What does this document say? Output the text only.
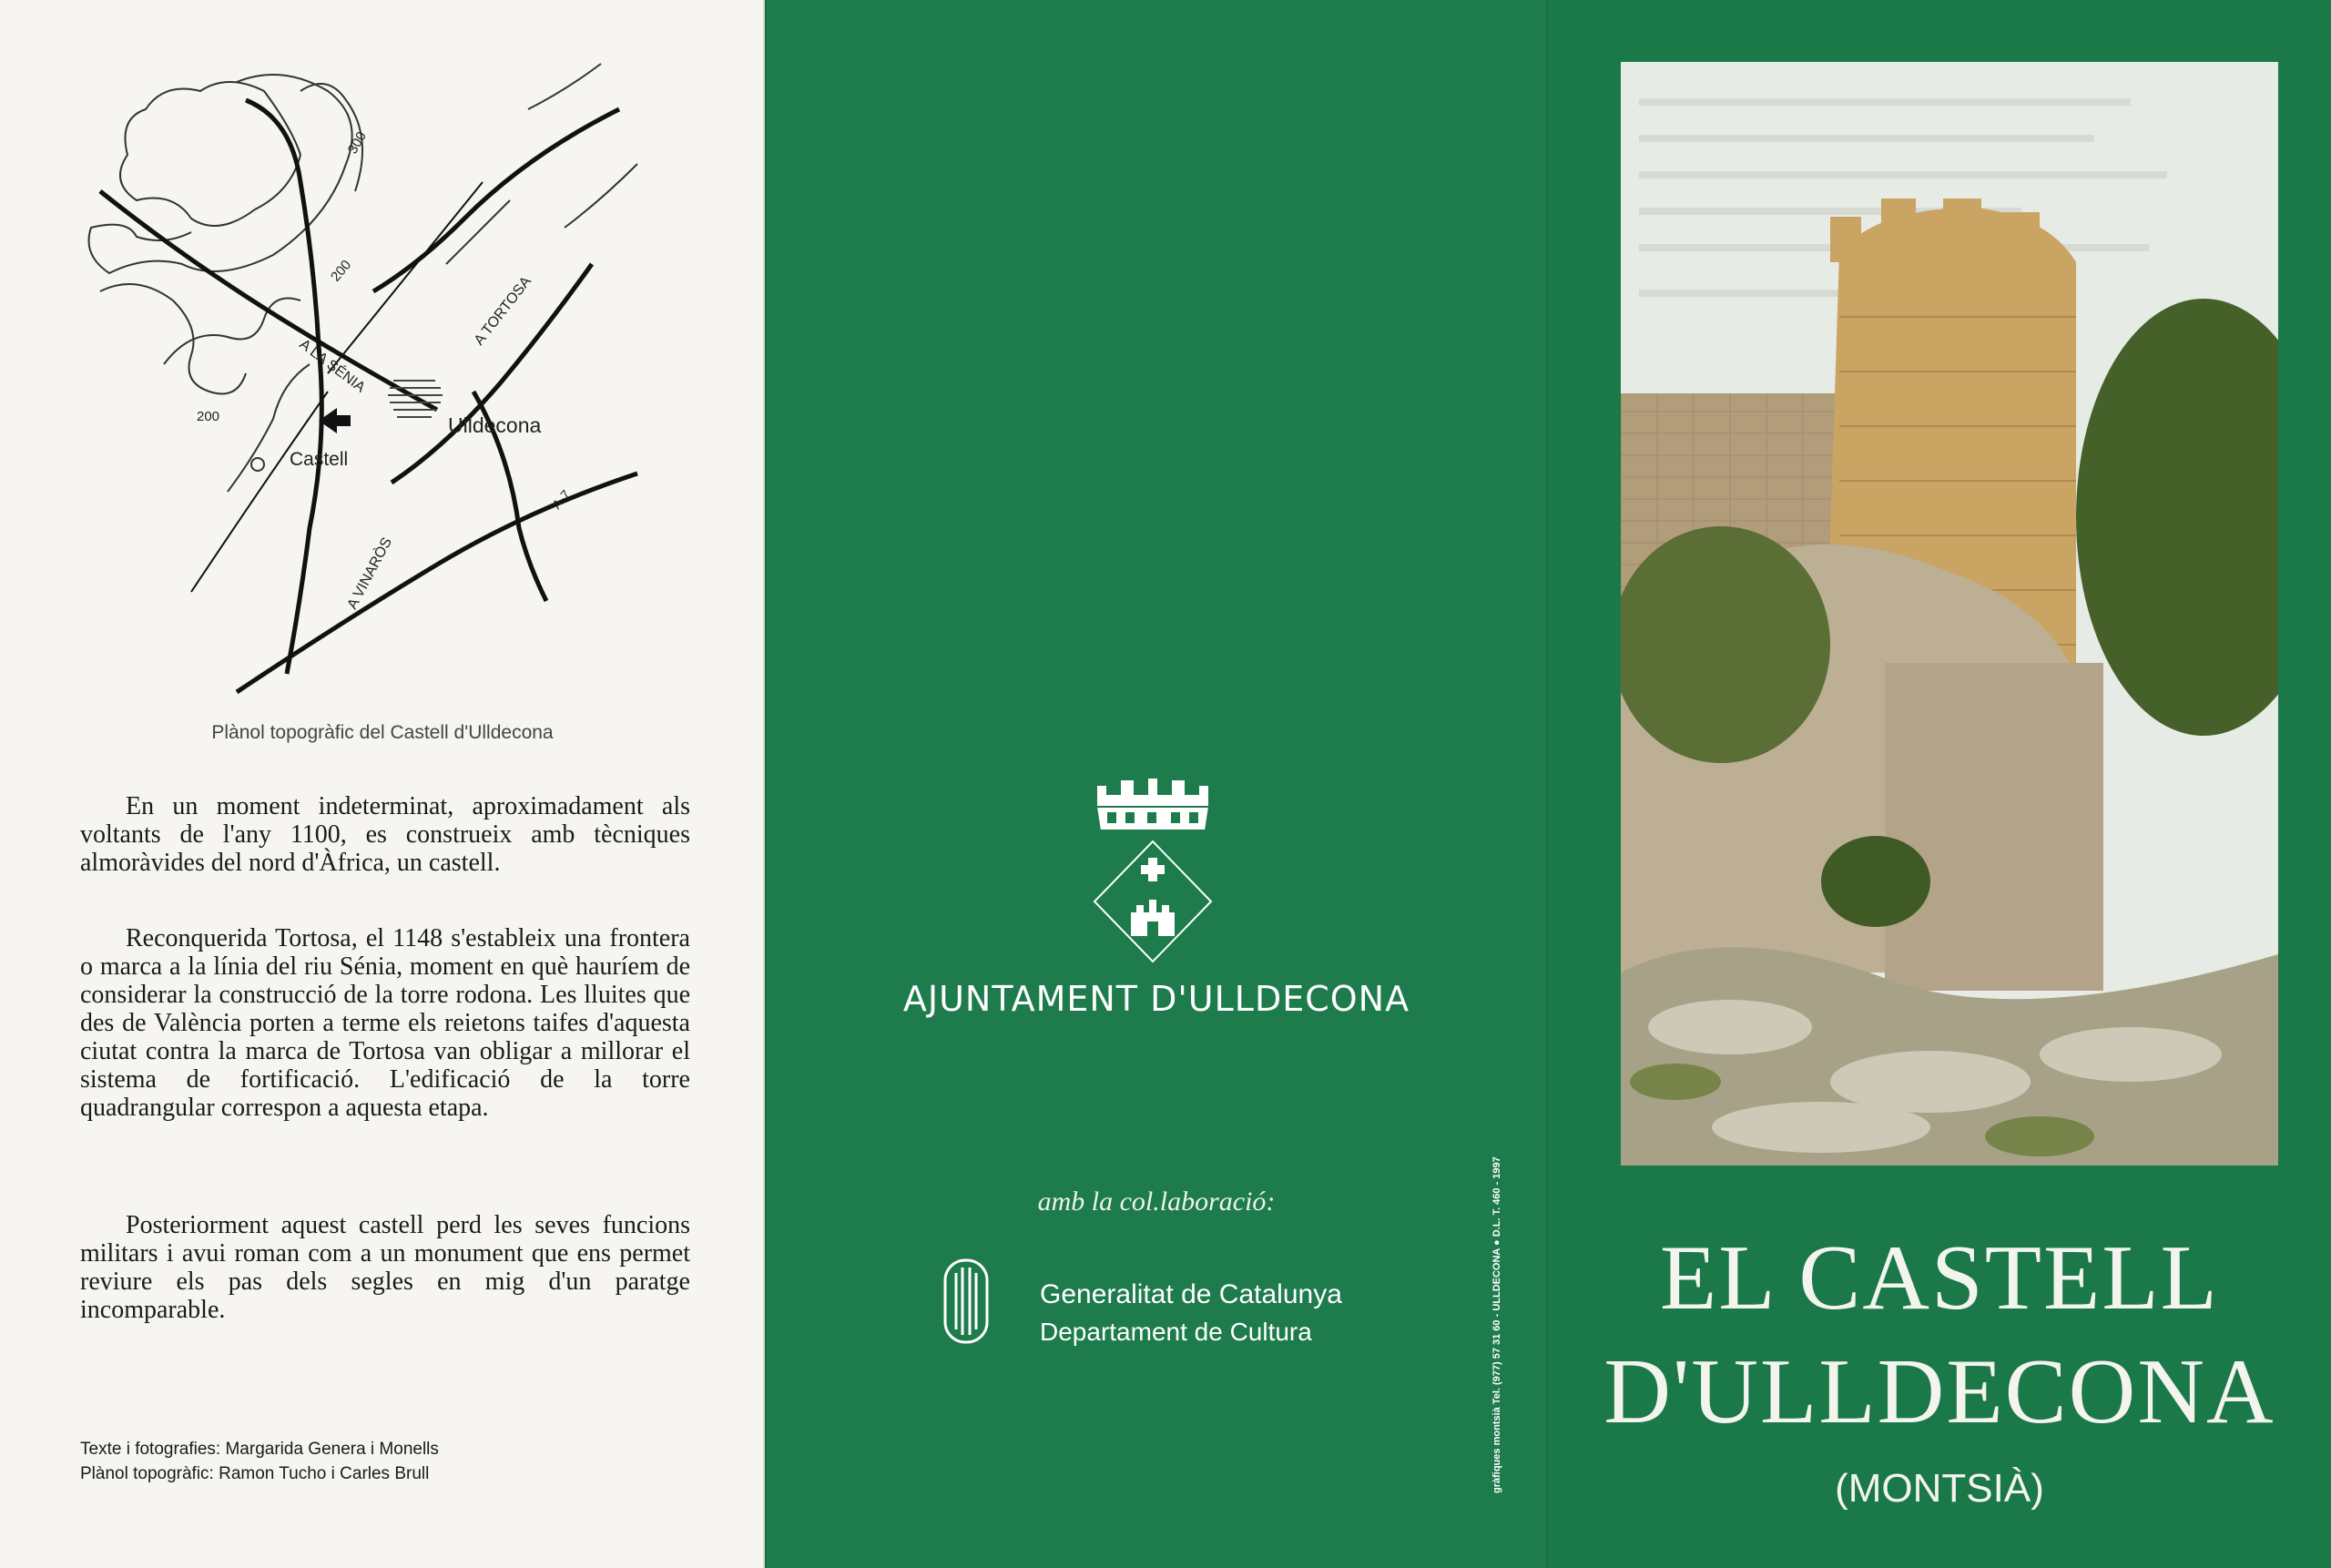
300
200
200
A LA SÉNIA
A TORTOSA
Ulldecona
Castell
A VINARÒS
A-7
Plànol topogràfic del Castell d'Ulldecona

En un moment indeterminat, aproximadament als voltants de l'any 1100, es construeix amb tècniques almoràvides del nord d'Àfrica, un castell.

Reconquerida Tortosa, el 1148 s'estableix una frontera o marca a la línia del riu Sénia, moment en què hauríem de considerar la construcció de la torre rodona. Les lluites que des de València porten a terme els reietons taifes d'aquesta ciutat contra la marca de Tortosa van obligar a millorar el sistema de fortificació. L'edificació de la torre quadrangular correspon a aquesta etapa.

Posteriorment aquest castell perd les seves funcions militars i avui roman com a un monument que ens permet reviure els pas dels segles en mig d'un paratge incomparable.

Texte i fotografies: Margarida Genera i Monells
Plànol topogràfic: Ramon Tucho i Carles Brull
AJUNTAMENT D'ULLDECONA
amb la col.laboració:
Generalitat de Catalunya
Departament de Cultura	gràfiques montsià Tel. (977) 57 31 60 - ULLDECONA ● D.L. T. 460 - 1997	EL CASTELL
D'ULLDECONA
(MONTSIÀ)
